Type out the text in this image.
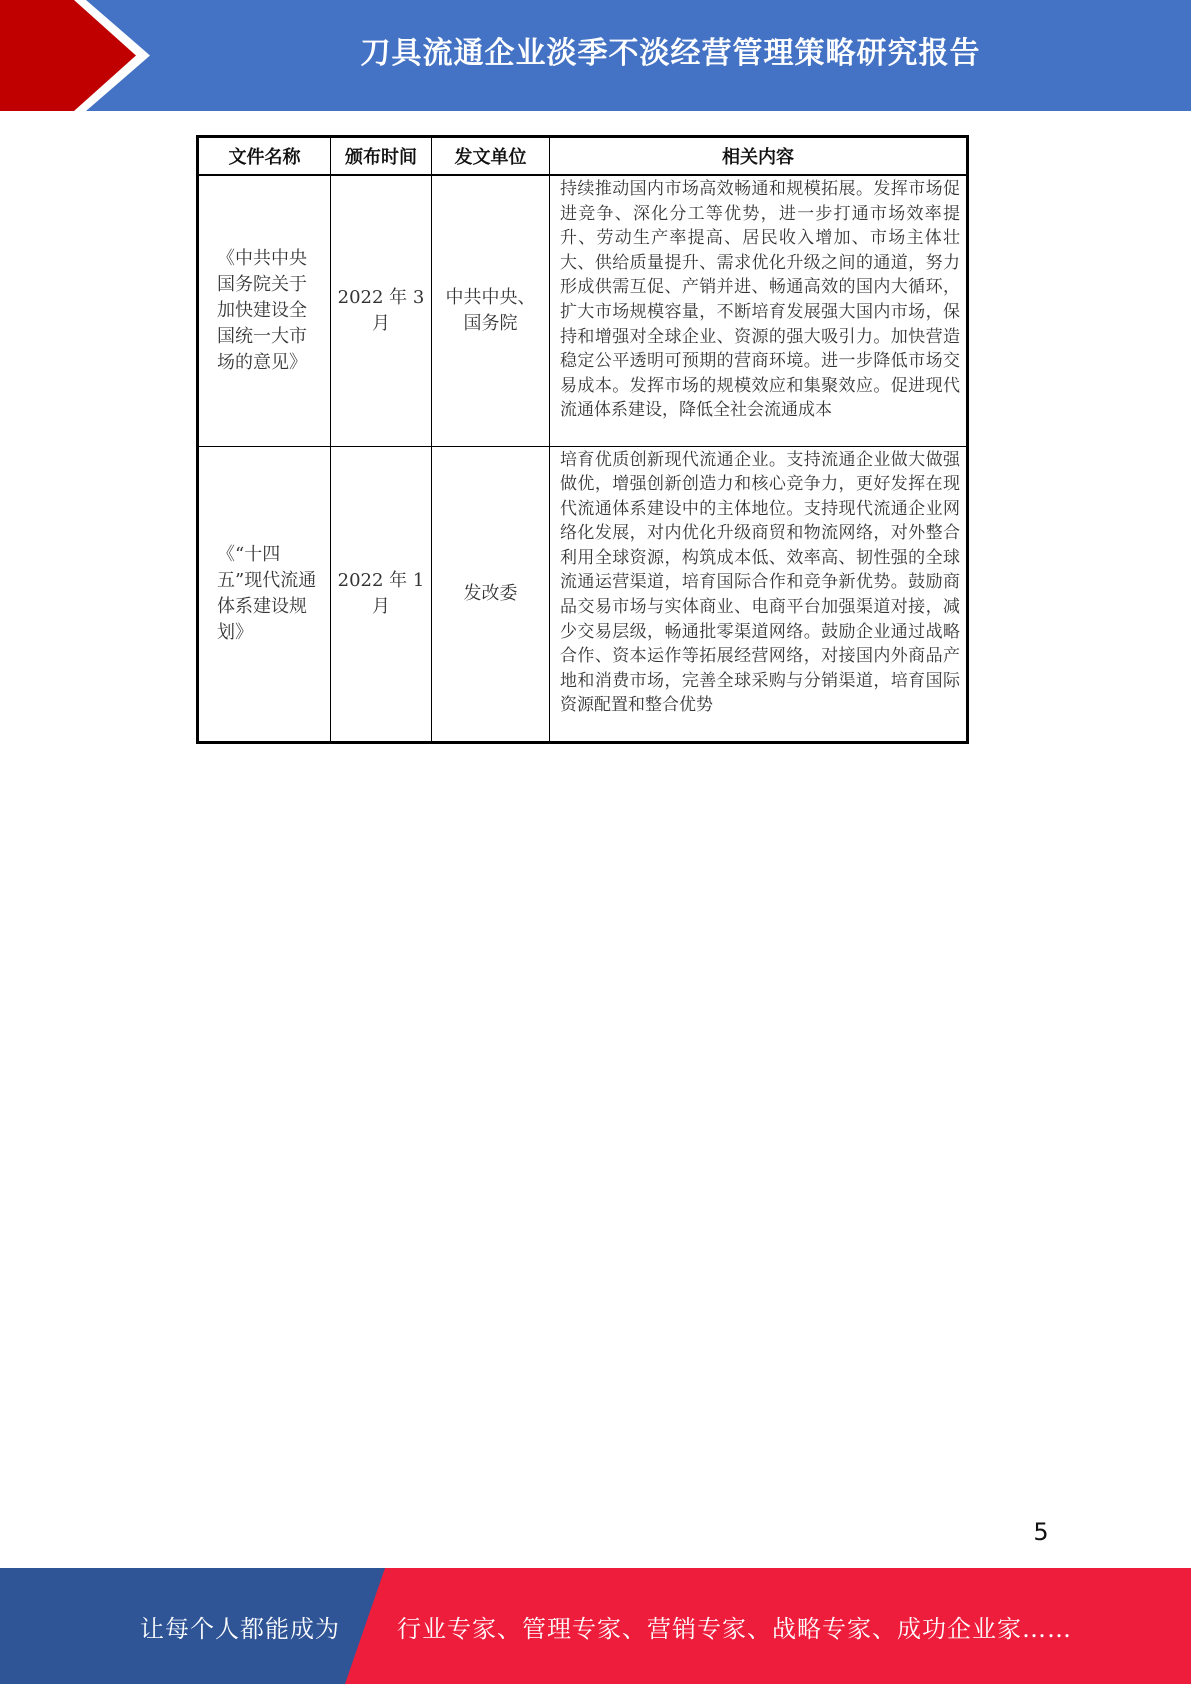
刀具流通企业淡季不淡经营管理策略研究报告
文件名称	颁布时间	发文单位	相关内容
《中共中央国务院关于加快建设全国统一大市场的意见》	2022 年 3 月	中共中央、国务院	持续推动国内市场高效畅通和规模拓展。发挥市场促进竞争、深化分工等优势，进一步打通市场效率提升、劳动生产率提高、居民收入增加、市场主体壮大、供给质量提升、需求优化升级之间的通道，努力形成供需互促、产销并进、畅通高效的国内大循环，扩大市场规模容量，不断培育发展强大国内市场，保持和增强对全球企业、资源的强大吸引力。加快营造稳定公平透明可预期的营商环境。进一步降低市场交易成本。发挥市场的规模效应和集聚效应。促进现代流通体系建设，降低全社会流通成本
《“十四五”现代流通体系建设规划》	2022 年 1 月	发改委	培育优质创新现代流通企业。支持流通企业做大做强做优，增强创新创造力和核心竞争力，更好发挥在现代流通体系建设中的主体地位。支持现代流通企业网络化发展，对内优化升级商贸和物流网络，对外整合利用全球资源，构筑成本低、效率高、韧性强的全球流通运营渠道，培育国际合作和竞争新优势。鼓励商品交易市场与实体商业、电商平台加强渠道对接，减少交易层级，畅通批零渠道网络。鼓励企业通过战略合作、资本运作等拓展经营网络，对接国内外商品产地和消费市场，完善全球采购与分销渠道，培育国际资源配置和整合优势
5
让每个人都能成为 行业专家、管理专家、营销专家、战略专家、成功企业家……
